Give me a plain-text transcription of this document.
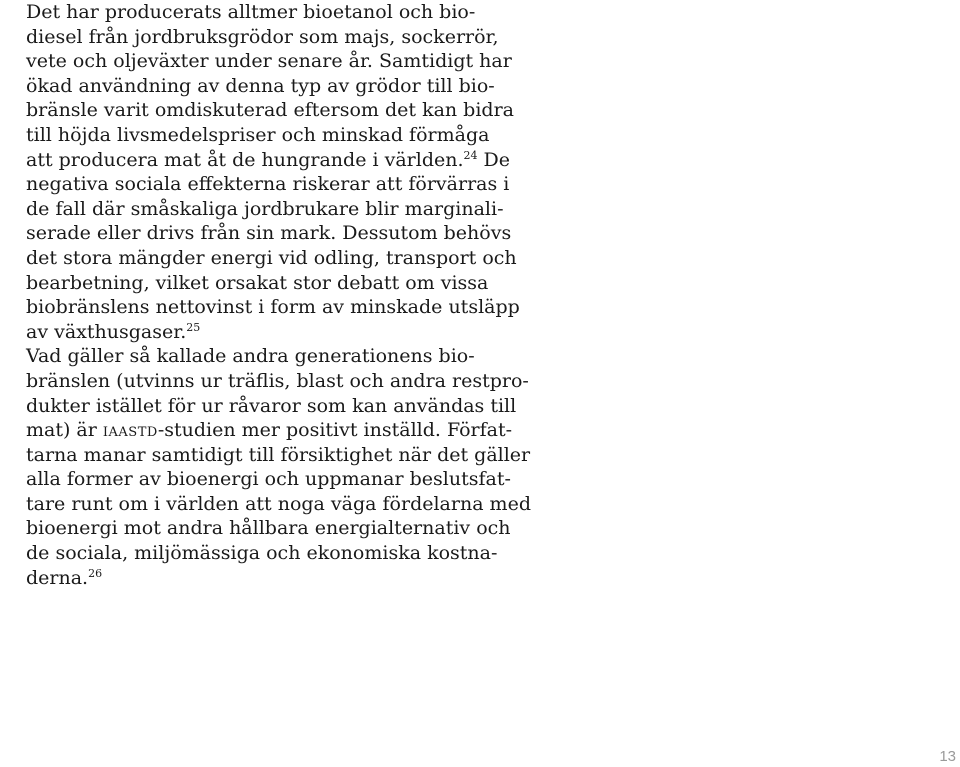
Det har producerats alltmer bioetanol och bio-
diesel från jordbruksgrödor som majs, sockerrör,
vete och oljeväxter under senare år. Samtidigt har
ökad användning av denna typ av grödor till bio-
bränsle varit omdiskuterad eftersom det kan bidra
till höjda livsmedelspriser och minskad förmåga
att producera mat åt de hungrande i världen.$^{24}$ De
negativa sociala effekterna riskerar att förvärras i
de fall där småskaliga jordbrukare blir marginali-
serade eller drivs från sin mark. Dessutom behövs
det stora mängder energi vid odling, transport och
bearbetning, vilket orsakat stor debatt om vissa
biobränslens nettovinst i form av minskade utsläpp
av växthusgaser.$^{25}$
Vad gäller så kallade andra generationens bio-
bränslen (utvinns ur träflis, blast och andra restpro-
dukter istället för ur råvaror som kan användas till
mat) är iaastd-studien mer positivt inställd. Förfat-
tarna manar samtidigt till försiktighet när det gäller
alla former av bioenergi och uppmanar beslutsfat-
tare runt om i världen att noga väga fördelarna med
bioenergi mot andra hållbara energialternativ och
de sociala, miljömässiga och ekonomiska kostna-
derna.$^{26}$
13
